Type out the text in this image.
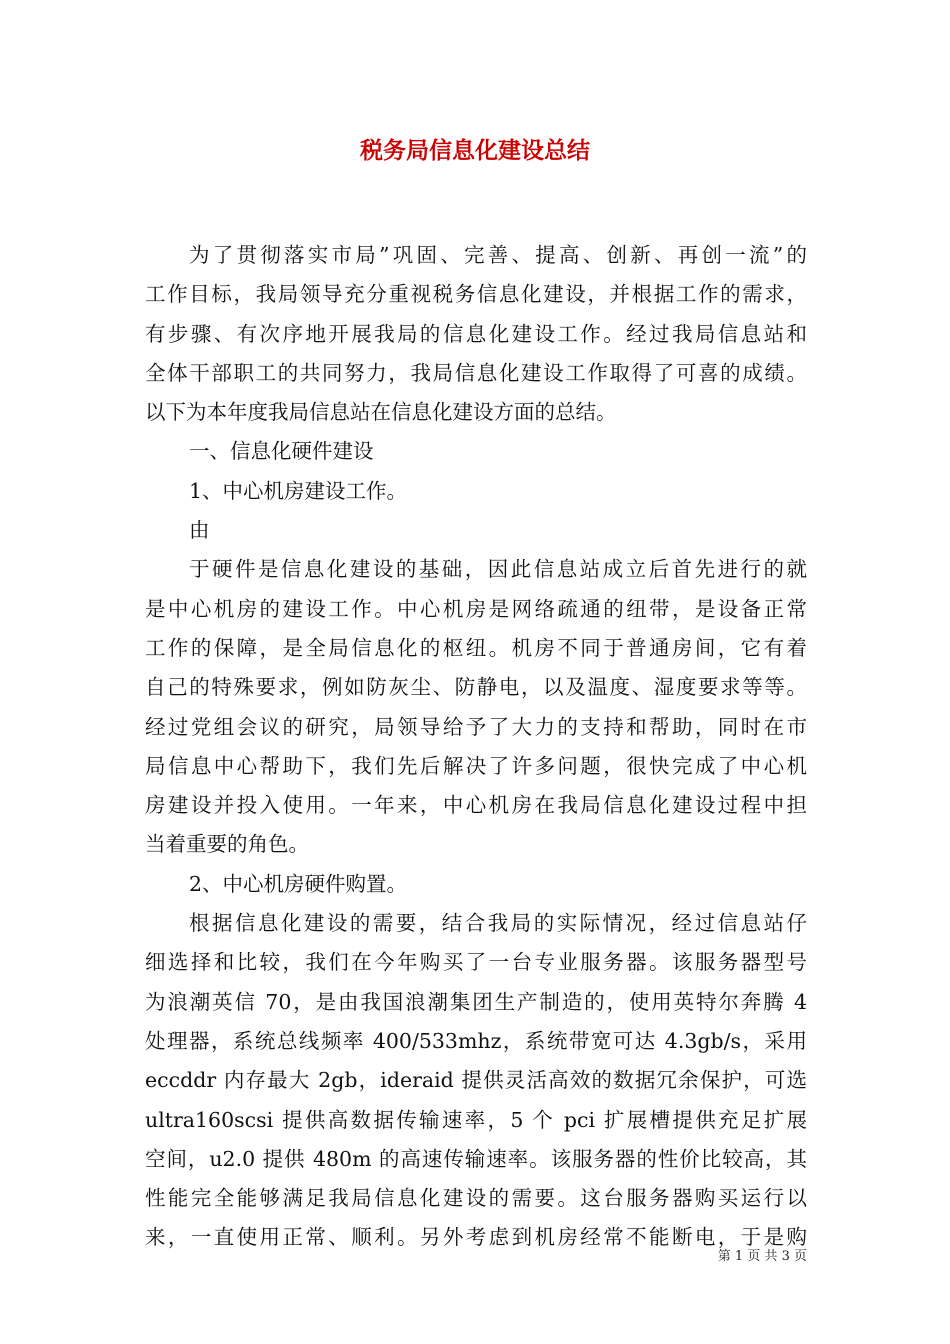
税务局信息化建设总结
为了贯彻落实市局”巩固、完善、提高、创新、再创一流”的
工作目标，我局领导充分重视税务信息化建设，并根据工作的需求，
有步骤、有次序地开展我局的信息化建设工作。经过我局信息站和
全体干部职工的共同努力，我局信息化建设工作取得了可喜的成绩。
以下为本年度我局信息站在信息化建设方面的总结。
一、信息化硬件建设
1、中心机房建设工作。
由
于硬件是信息化建设的基础，因此信息站成立后首先进行的就
是中心机房的建设工作。中心机房是网络疏通的纽带，是设备正常
工作的保障，是全局信息化的枢纽。机房不同于普通房间，它有着
自己的特殊要求，例如防灰尘、防静电，以及温度、湿度要求等等。
经过党组会议的研究，局领导给予了大力的支持和帮助，同时在市
局信息中心帮助下，我们先后解决了许多问题，很快完成了中心机
房建设并投入使用。一年来，中心机房在我局信息化建设过程中担
当着重要的角色。
2、中心机房硬件购置。
根据信息化建设的需要，结合我局的实际情况，经过信息站仔
细选择和比较，我们在今年购买了一台专业服务器。该服务器型号
为浪潮英信 70，是由我国浪潮集团生产制造的，使用英特尔奔腾 4
处理器，系统总线频率 400/533mhz，系统带宽可达 4.3gb/s，采用
eccddr 内存最大 2gb，ideraid 提供灵活高效的数据冗余保护，可选
ultra160scsi 提供高数据传输速率，5 个 pci 扩展槽提供充足扩展
空间，u2.0 提供 480m 的高速传输速率。该服务器的性价比较高，其
性能完全能够满足我局信息化建设的需要。这台服务器购买运行以
来，一直使用正常、顺利。另外考虑到机房经常不能断电，于是购
第 1 页 共 3 页
